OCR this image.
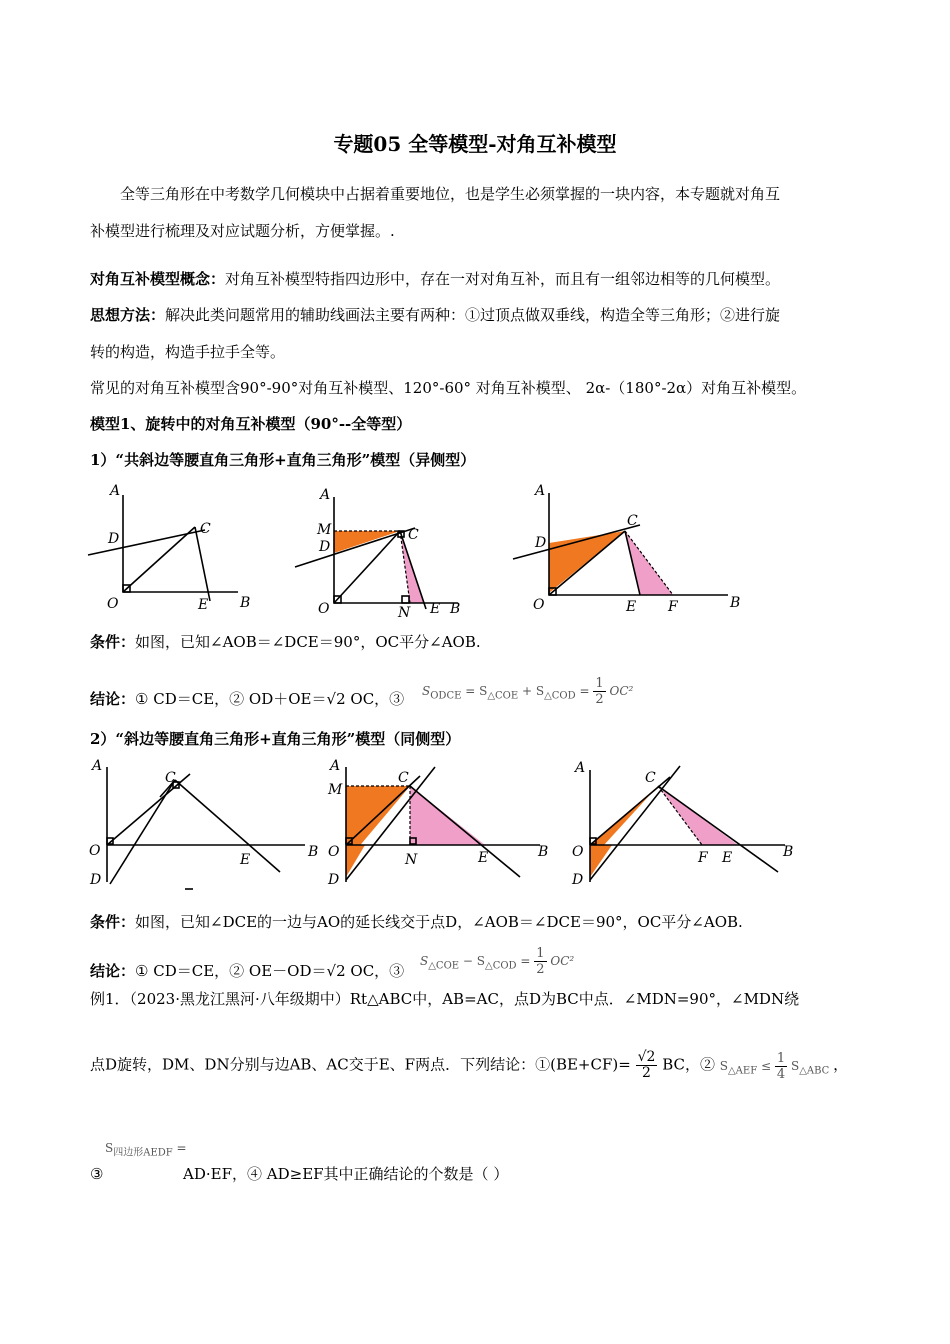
专题05 全等模型-对角互补模型
全等三角形在中考数学几何模块中占据着重要地位，也是学生必须掌握的一块内容，本专题就对角互
补模型进行梳理及对应试题分析，方便掌握。.
对角互补模型概念：对角互补模型特指四边形中，存在一对对角互补，而且有一组邻边相等的几何模型。
思想方法：解决此类问题常用的辅助线画法主要有两种：①过顶点做双垂线，构造全等三角形；②进行旋
转的构造，构造手拉手全等。
常见的对角互补模型含90°-90°对角互补模型、120°-60° 对角互补模型、 2α-（180°-2α）对角互补模型。
模型1、旋转中的对角互补模型（90°--全等型）
1）“共斜边等腰直角三角形+直角三角形”模型（异侧型）
A
D
C
O	E B
A
M
D
C
O	N E B
A
D
C
O	E F	B
条件：如图，已知∠AOB＝∠DCE＝90°，OC平分∠AOB.
结论：① CD＝CE，② OD＋OE＝√2 OC，③ $S_{ODCE} = S_{\triangle COE} + S_{\triangle COD} = \frac{1}{2} OC^2$
2）“斜边等腰直角三角形+直角三角形”模型（同侧型）
A
C
O
E	B
D
A
M
C
O	N	E	B
D
A
C
O	F E	B
D
条件：如图，已知∠DCE的一边与AO的延长线交于点D，∠AOB＝∠DCE＝90°，OC平分∠AOB.
结论：① CD＝CE，② OE－OD＝√2 OC，③
$S_{\triangle COE} - S_{\triangle COD} = \frac{1}{2} OC^2$
例1．（2023·黑龙江黑河·八年级期中）Rt△ABC中，AB=AC，点D为BC中点．∠MDN=90°，∠MDN绕
点D旋转，DM、DN分别与边AB、AC交于E、F两点．下列结论：①(BE+CF)= $\frac{√2}{2}$ BC，② $S_{\triangle AEF} \le \frac{1}{4} S_{\triangle ABC}$ ，
$S_{四边形AEDF}$ =
③	AD·EF，④ AD≥EF其中正确结论的个数是（ ）
